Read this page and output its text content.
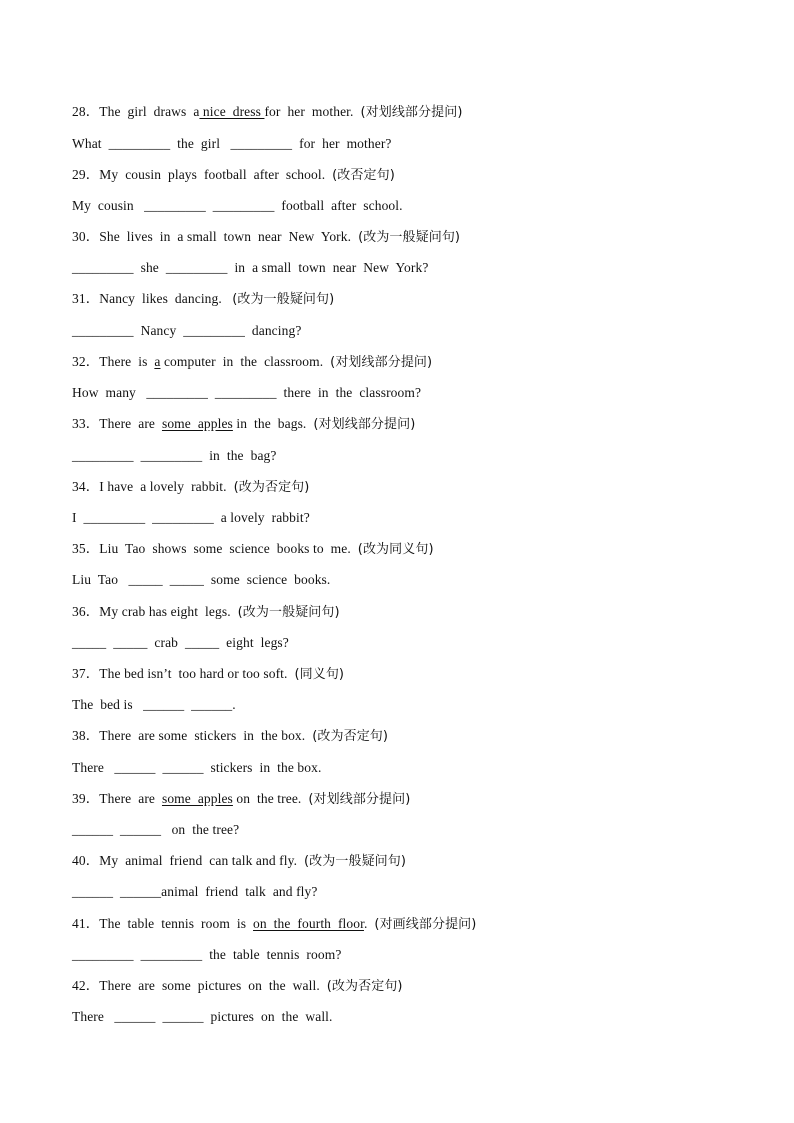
28．The  girl  draws  a nice  dress for  her  mother.  (对划线部分提问)
What  _________  the  girl   _________  for  her  mother?
29．My  cousin  plays  football  after  school.  (改否定句)
My  cousin   _________  _________  football  after  school.
30．She  lives  in  a small  town  near  New  York.  (改为一般疑问句)
_________  she  _________  in  a small  town  near  New  York?
31．Nancy  likes  dancing.   (改为一般疑问句)
_________  Nancy  _________  dancing?
32．There  is  a computer  in  the  classroom.  (对划线部分提问)
How  many   _________  _________  there  in  the  classroom?
33．There  are  some  apples in  the  bags.  (对划线部分提问)
_________  _________  in  the  bag?
34．I have  a lovely  rabbit.  (改为否定句)
I  _________  _________  a lovely  rabbit?
35．Liu  Tao  shows  some  science  books to  me.  (改为同义句)
Liu  Tao   _____  _____  some  science  books.
36．My crab has eight  legs.  (改为一般疑问句)
_____  _____  crab  _____  eight  legs?
37．The bed isn’t  too hard or too soft.  (同义句)
The  bed is   ______  ______.
38．There  are some  stickers  in  the box.  (改为否定句)
There   ______  ______  stickers  in  the box.
39．There  are  some  apples on  the tree.  (对划线部分提问)
______  ______   on  the tree?
40．My  animal  friend  can talk and fly.  (改为一般疑问句)
______  ______animal  friend  talk  and fly?
41．The  table  tennis  room  is  on  the  fourth  floor.  (对画线部分提问)
_________  _________  the  table  tennis  room?
42．There  are  some  pictures  on  the  wall.  (改为否定句)
There   ______  ______  pictures  on  the  wall.
